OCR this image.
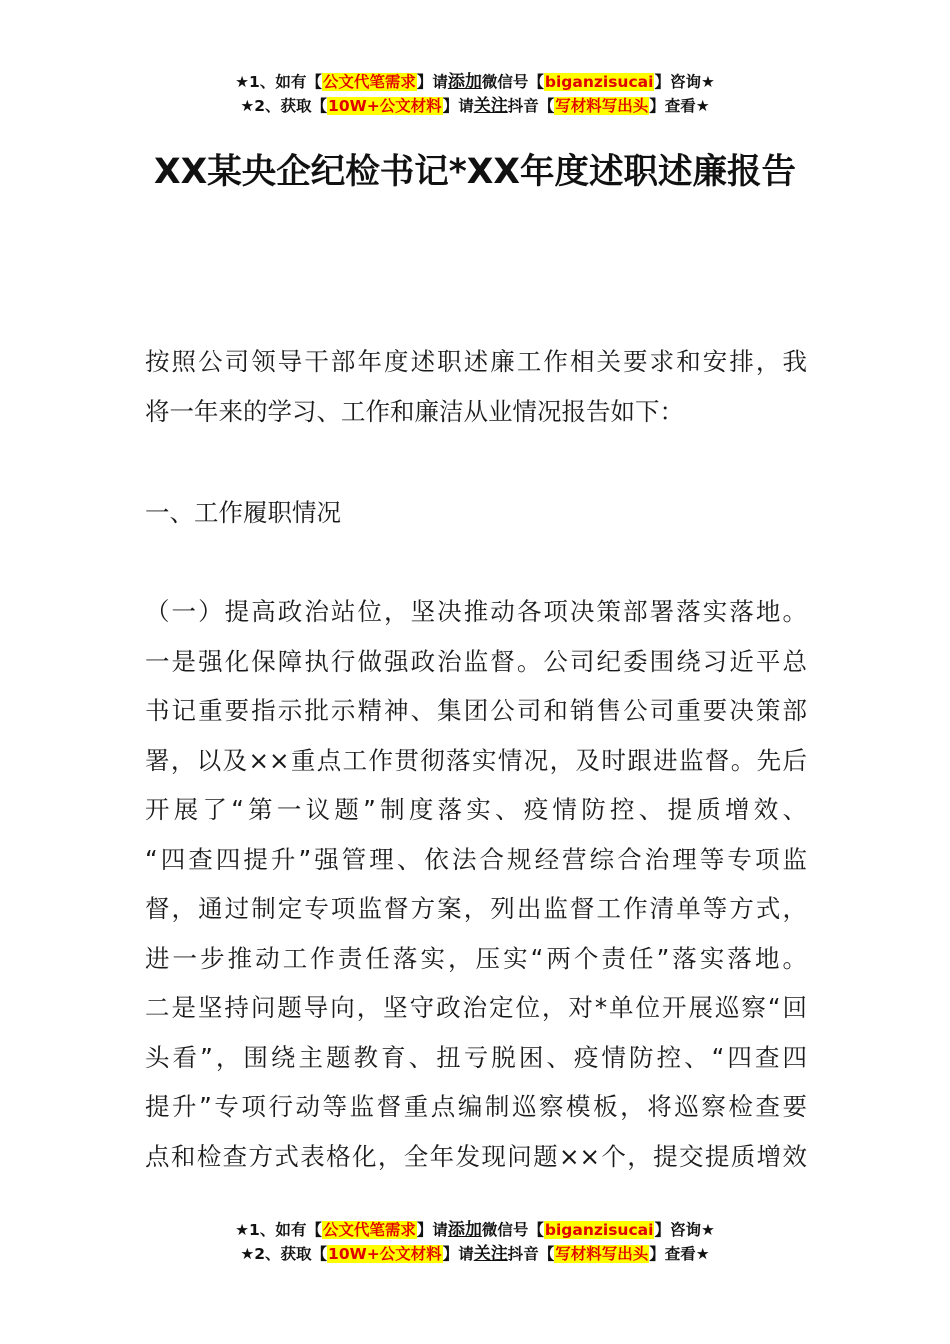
★1、如有【公文代笔需求】请添加微信号【biganzisucai】咨询★
★2、获取【10W+公文材料】请关注抖音【写材料写出头】查看★
XX某央企纪检书记*XX年度述职述廉报告
按照公司领导干部年度述职述廉工作相关要求和安排，我
将一年来的学习、工作和廉洁从业情况报告如下：
一、工作履职情况
（一）提高政治站位，坚决推动各项决策部署落实落地。
一是强化保障执行做强政治监督。公司纪委围绕习近平总
书记重要指示批示精神、集团公司和销售公司重要决策部
署，以及××重点工作贯彻落实情况，及时跟进监督。先后
开展了“第一议题”制度落实、疫情防控、提质增效、
“四查四提升”强管理、依法合规经营综合治理等专项监
督，通过制定专项监督方案，列出监督工作清单等方式，
进一步推动工作责任落实，压实“两个责任”落实落地。
二是坚持问题导向，坚守政治定位，对*单位开展巡察“回
头看”，围绕主题教育、扭亏脱困、疫情防控、“四查四
提升”专项行动等监督重点编制巡察模板，将巡察检查要
点和检查方式表格化，全年发现问题××个，提交提质增效
★1、如有【公文代笔需求】请添加微信号【biganzisucai】咨询★
★2、获取【10W+公文材料】请关注抖音【写材料写出头】查看★
